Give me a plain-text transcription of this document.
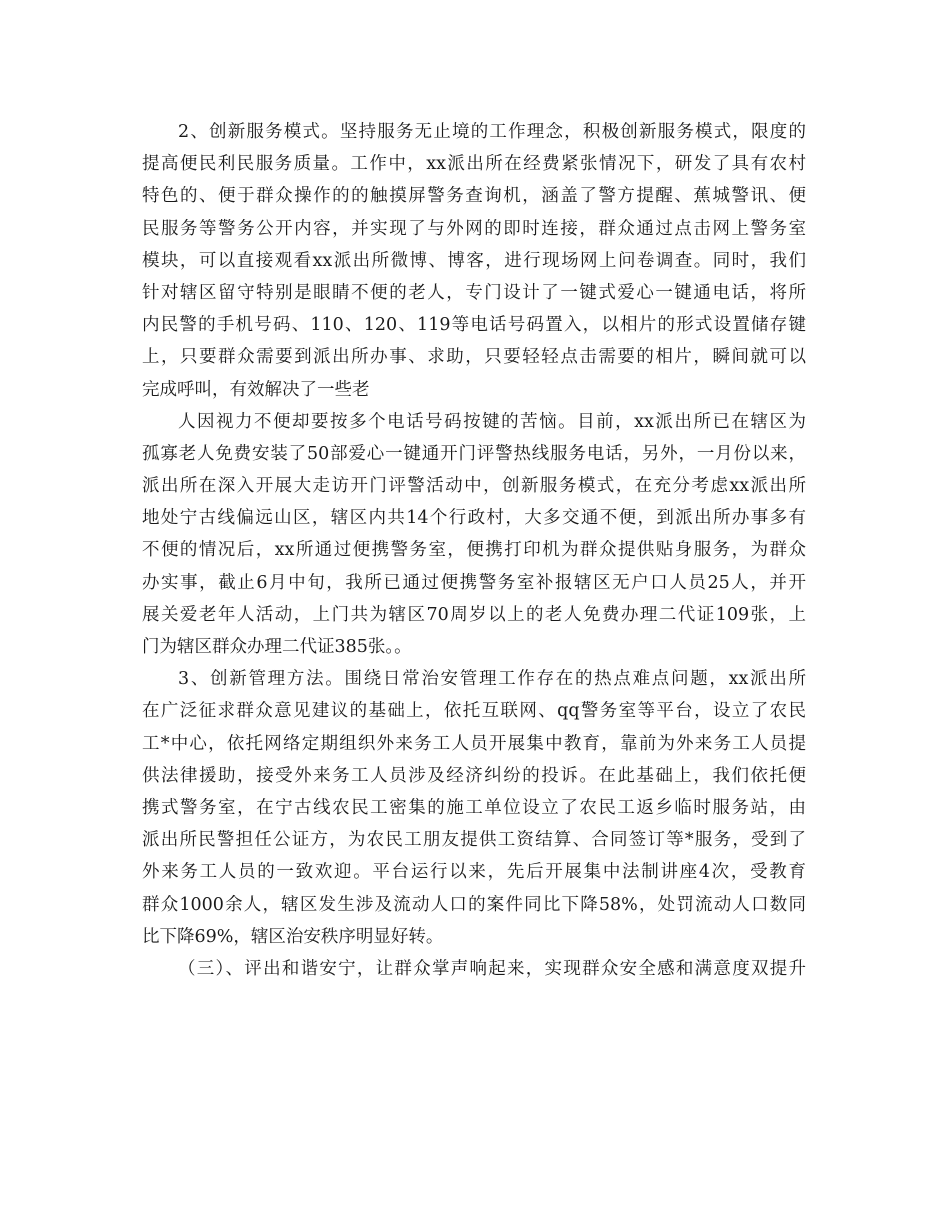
2、创新服务模式。坚持服务无止境的工作理念，积极创新服务模式，限度的
提高便民利民服务质量。工作中，xx派出所在经费紧张情况下，研发了具有农村
特色的、便于群众操作的的触摸屏警务查询机，涵盖了警方提醒、蕉城警讯、便
民服务等警务公开内容，并实现了与外网的即时连接，群众通过点击网上警务室
模块，可以直接观看xx派出所微博、博客，进行现场网上问卷调查。同时，我们
针对辖区留守特别是眼睛不便的老人，专门设计了一键式爱心一键通电话，将所
内民警的手机号码、110、120、119等电话号码置入，以相片的形式设置储存键
上，只要群众需要到派出所办事、求助，只要轻轻点击需要的相片，瞬间就可以
完成呼叫，有效解决了一些老
人因视力不便却要按多个电话号码按键的苦恼。目前，xx派出所已在辖区为
孤寡老人免费安装了50部爱心一键通开门评警热线服务电话，另外，一月份以来，
派出所在深入开展大走访开门评警活动中，创新服务模式，在充分考虑xx派出所
地处宁古线偏远山区，辖区内共14个行政村，大多交通不便，到派出所办事多有
不便的情况后，xx所通过便携警务室，便携打印机为群众提供贴身服务，为群众
办实事，截止6月中旬，我所已通过便携警务室补报辖区无户口人员25人，并开
展关爱老年人活动，上门共为辖区70周岁以上的老人免费办理二代证109张，上
门为辖区群众办理二代证385张。。
3、创新管理方法。围绕日常治安管理工作存在的热点难点问题，xx派出所
在广泛征求群众意见建议的基础上，依托互联网、qq警务室等平台，设立了农民
工*中心，依托网络定期组织外来务工人员开展集中教育，靠前为外来务工人员提
供法律援助，接受外来务工人员涉及经济纠纷的投诉。在此基础上，我们依托便
携式警务室，在宁古线农民工密集的施工单位设立了农民工返乡临时服务站，由
派出所民警担任公证方，为农民工朋友提供工资结算、合同签订等*服务，受到了
外来务工人员的一致欢迎。平台运行以来，先后开展集中法制讲座4次，受教育
群众1000余人，辖区发生涉及流动人口的案件同比下降58%，处罚流动人口数同
比下降69%，辖区治安秩序明显好转。
（三）、评出和谐安宁，让群众掌声响起来，实现群众安全感和满意度双提升
